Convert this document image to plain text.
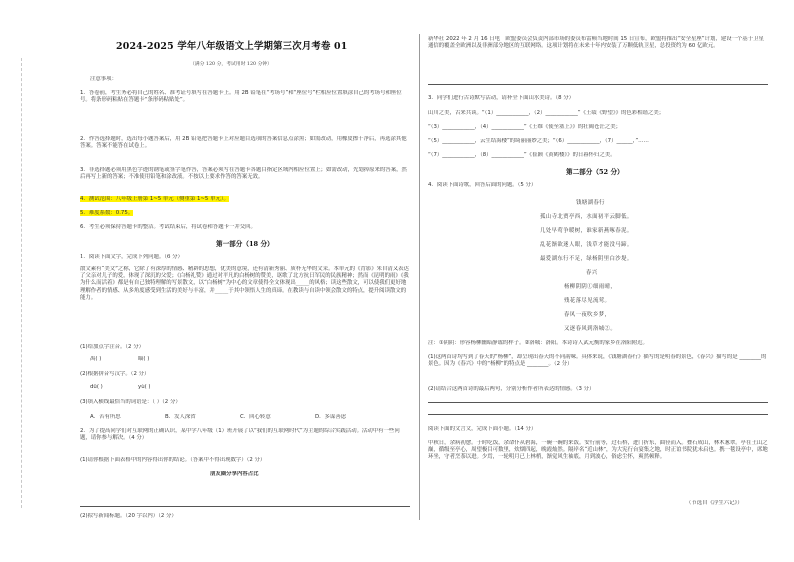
2024-2025 学年八年级语文上学期第三次月考卷 01
（满分 120 分，考试用时 120 分钟）
注意事项：
1．答卷前，考生务必将自己的姓名、准考证号填写在答题卡上。用 2B 铅笔在“考场号”和“座位号”栏相应位置填涂自己的考场号和座位号。将条形码粘贴在答题卡“条形码粘贴处”。
2．作答选择题时，选出每小题答案后，用 2B 铅笔把答题卡上对应题目选项的答案信息点涂黑；如需改动，用橡皮擦干净后，再选涂其他答案。答案不能答在试卷上。
3．非选择题必须用黑色字迹的钢笔或签字笔作答，答案必须写在答题卡各题目指定区域内相应位置上；如需改动，先划掉原来的答案，然后再写上新的答案；不准使用铅笔和涂改液。不按以上要求作答的答案无效。
4．测试范围：八年级上册第 1~5 单元（侧重第 1~5 单元）。
5．难度系数：0.75。
6．考生必须保持答题卡的整洁。考试结束后，将试卷和答题卡一并交回。
第一部分（18 分）
1．阅读下面文字，完成下列问题。（6 分）
散文素有“美文”之称，它除了有深厚的情感、精辟的思想，优美的意境，还有清新秀丽、质朴无华的文采。本单元的《背影》朱自清又表达了父亲对儿子的爱，体现了深沉的父爱；《白杨礼赞》通过对平凡的白杨树的赞美，讴歌了北方抗日军民的民族精神；然而《昆明的雨》《我为什么而活着》都是有自己独特理解的写景散文，以“白杨树”为中心的文章使得全文体现出_____的风格；读这些散文，可以使我们更好地理解作者的情感、从多角度感受到生活的美好与丰富，并_____于其中领悟人生的真谛。在教读与自读中领会散文的特点，提升阅读散文的能力。
(1)给加点字注音。（2 分）
禹( )	瞄( )
(2)根据拼音写汉字。（2 分）
dǔ( )	yù( )
(3)填入横线最恰当的词语是：（ ）（2 分）
A．苦有所思	B．发人深省	C．回心转意	D．多谋善虑
2．为了提高同学们对互联网的正确认识，某中学八年级（1）班开展了以“我们的互联网时代”为主题的综合实践活动。活动中有一些问题，请你参与解决。（4 分）
(1)请你根据下面表格中的内容得出你的结论。（答案中不得出现数字）（2 分）
朋友圈分享内容占比
(2)拟写新闻标题。（20 字以内）（2 分）
新华社 2022 年 2 月 16 日电　欧盟委员会负责内部市场的委员布雷顿当地时间 15 日宣布，欧盟将推出“安全星座”计划，建设一个基于卫星通信的覆盖全欧洲以及非洲部分地区的互联网络。这项计划将在未来十年内安装了万颗低轨卫星，总投资约为 60 亿欧元。
3．同学们进行古诗默写活动，请补全下面山水美诗。（8 分）
山川之美，古来共谈。“（1）____________，（2）____________”《王绩《野望》》的色彩相谐之美；
“（3）____________，（4）____________”《王维《使至塞上》》的壮阔苍茫之美；
“（5）____________，云生结海楼”的绮丽丽妙之美；“（6）____________，（7）______，”……
“（7）____________，（8）____________”《崔颢《黄鹤楼》》的日暮怀归之美。
第二部分（52 分）
4．阅读下面诗歌，回答后面的问题。（5 分）
钱塘湖春行
孤山寺北贾亭西，水面初平云脚低。
几处早莺争暖树，谁家新燕啄春泥。
乱花渐欲迷人眼，浅草才能没马蹄。
最爱湖东行不足，绿杨阴里白沙堤。
春兴
杨柳阴阴①细雨晴，
残花落尽见流莺。
春风一夜吹乡梦，
又逐春风到洛城②。
注：①阴阴：形容杨柳幽暗静谧的样子。②洛城：洛阳。本诗诗人武元衡的家乡在洛阳附近。
(1)这两首诗均写到了春天的“杨柳”，却呈现出春天的不同韵味。具体来说，《钱塘湖春行》描写的是明春的景色，《春兴》描写的是 ________的景色。因为《春兴》中的“杨柳”的特点是 ________。（2 分）
(2)请结合这两首诗的最后两句，分别分析作者所表达的情感。（3 分）
阅读下面的文言文，完成下面小题。（14 分）
中秋日，余病初愈。于时吃饭，余命仆从碧海，一碗一碗的来饭。安行前等，过石桥，进门折东，曲径而入。叠石成山，林木葱翠。亭在土山之巅，循级至亭心，周望极目可数里，炊烟四起，晚霞灿然。隔岸名“近山林”，为大宪行台宴集之地，时正谊书院犹未启也。携一毯设亭中，席地环坐，守者烹茶以进。少焉，一轮明月已上林梢，渐觉风生袖底，月到波心，俗虑尘怀，爽然顿释。
（节选自《浮生六记》）
